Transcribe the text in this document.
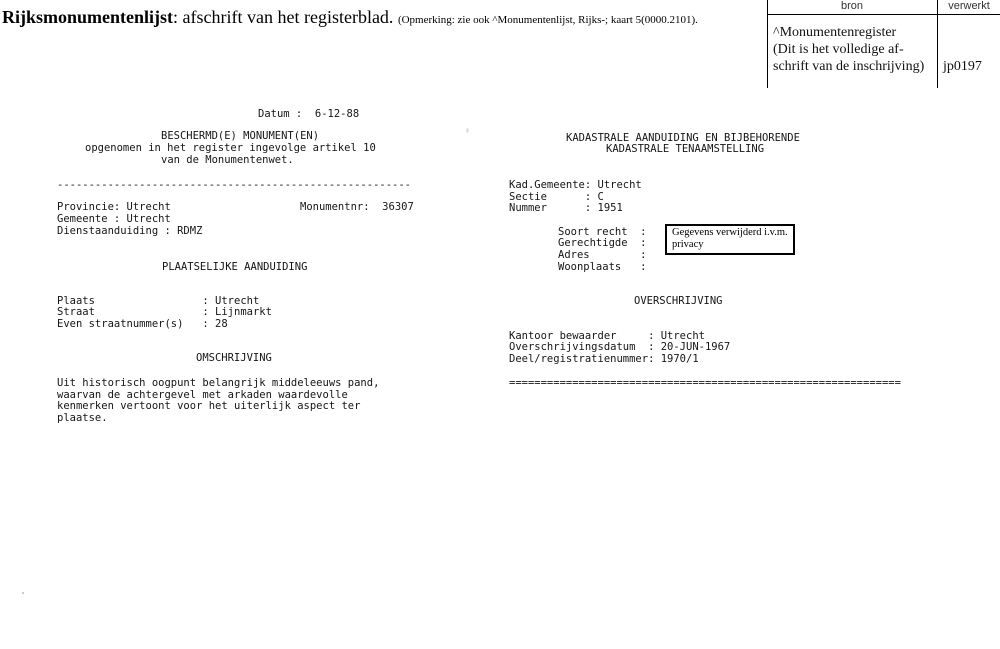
Rijksmonumentenlijst: afschrift van het registerblad. (Opmerking: zie ook ^Monumentenlijst, Rijks-; kaart 5(0000.2101).
bron	verwerkt
^Monumentenregister
(Dit is het volledige af-
schrift van de inschrijving)	jp0197
Datum :  6-12-88
BESCHERMD(E) MONUMENT(EN)
opgenomen in het register ingevolge artikel 10
van de Monumentenwet.
--------------------------------------------------------
Provincie: Utrecht	Monumentnr:  36307
Gemeente : Utrecht
Dienstaanduiding : RDMZ
PLAATSELIJKE AANDUIDING
Plaats                 : Utrecht
Straat                 : Lijnmarkt
Even straatnummer(s)   : 28
OMSCHRIJVING
Uit historisch oogpunt belangrijk middeleeuws pand,
waarvan de achtergevel met arkaden waardevolle
kenmerken vertoont voor het uiterlijk aspect ter
plaatse.
KADASTRALE AANDUIDING EN BIJBEHORENDE
KADASTRALE TENAAMSTELLING
Kad.Gemeente: Utrecht
Sectie      : C
Nummer      : 1951
Soort recht  :
Gerechtigde  :
Adres        :
Woonplaats   :
Gegevens verwijderd i.v.m. privacy
OVERSCHRIJVING
Kantoor bewaarder     : Utrecht
Overschrijvingsdatum  : 20-JUN-1967
Deel/registratienummer: 1970/1
==============================================================
